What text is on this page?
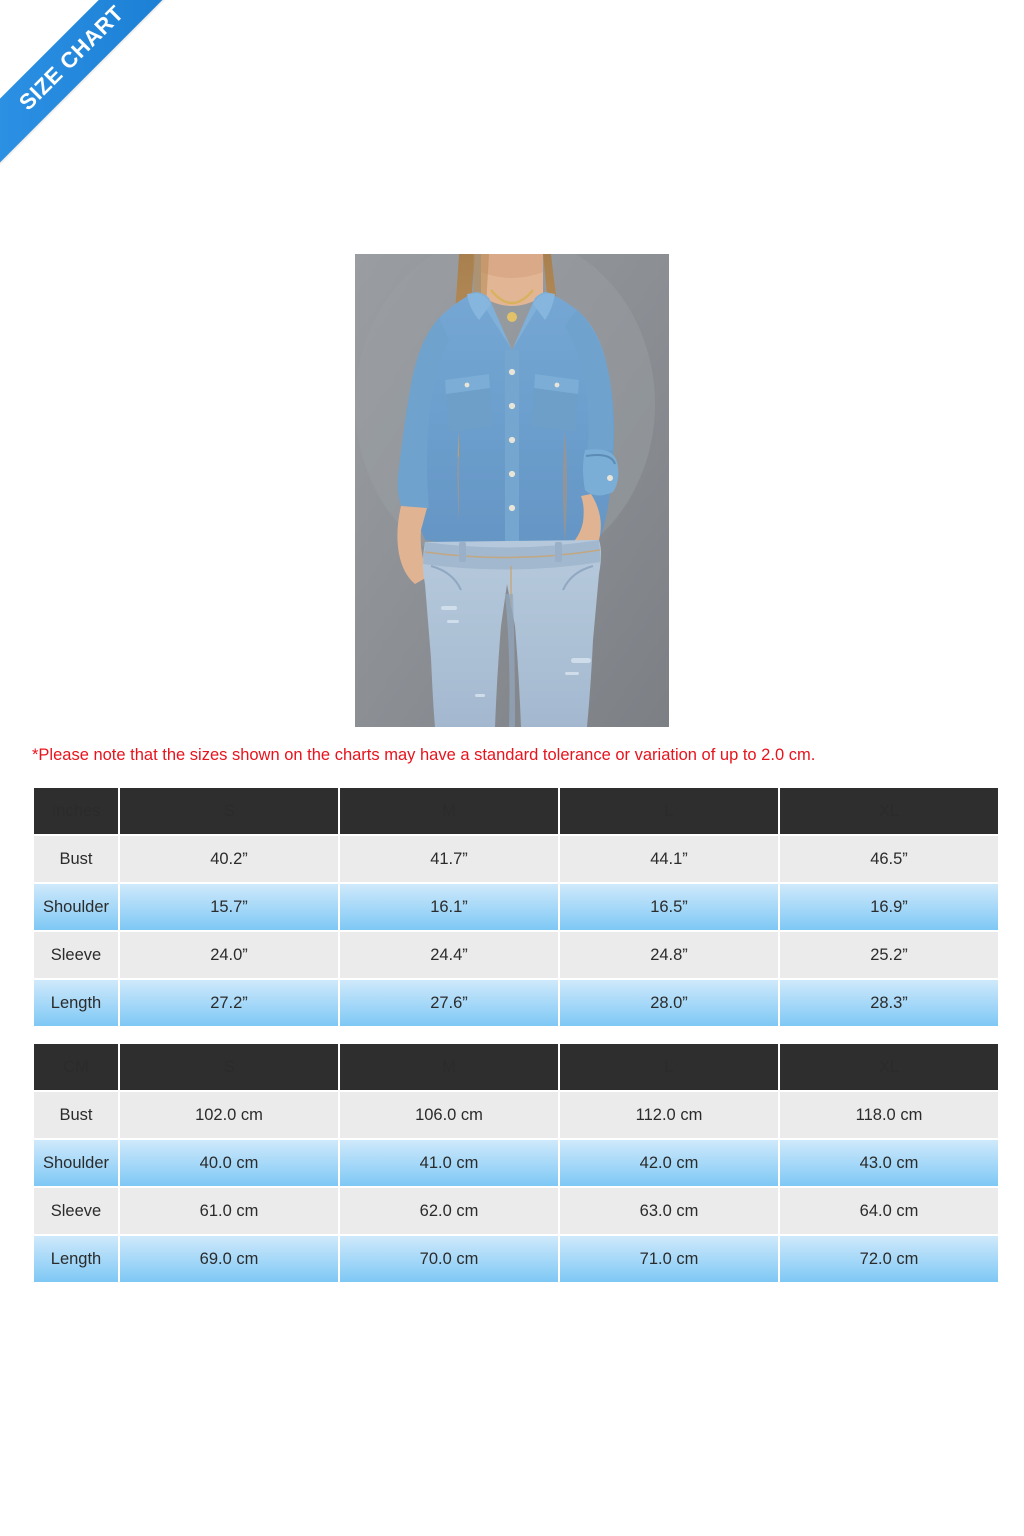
SIZE CHART
*Please note that the sizes shown on the charts may have a standard tolerance or variation of up to 2.0 cm.
Inches	S	M	L	XL
Bust	40.2”	41.7”	44.1”	46.5”
Shoulder	15.7”	16.1”	16.5”	16.9”
Sleeve	24.0”	24.4”	24.8”	25.2”
Length	27.2”	27.6”	28.0”	28.3”
CM	S	M	L	XL
Bust	102.0 cm	106.0 cm	112.0 cm	118.0 cm
Shoulder	40.0 cm	41.0 cm	42.0 cm	43.0 cm
Sleeve	61.0 cm	62.0 cm	63.0 cm	64.0 cm
Length	69.0 cm	70.0 cm	71.0 cm	72.0 cm
